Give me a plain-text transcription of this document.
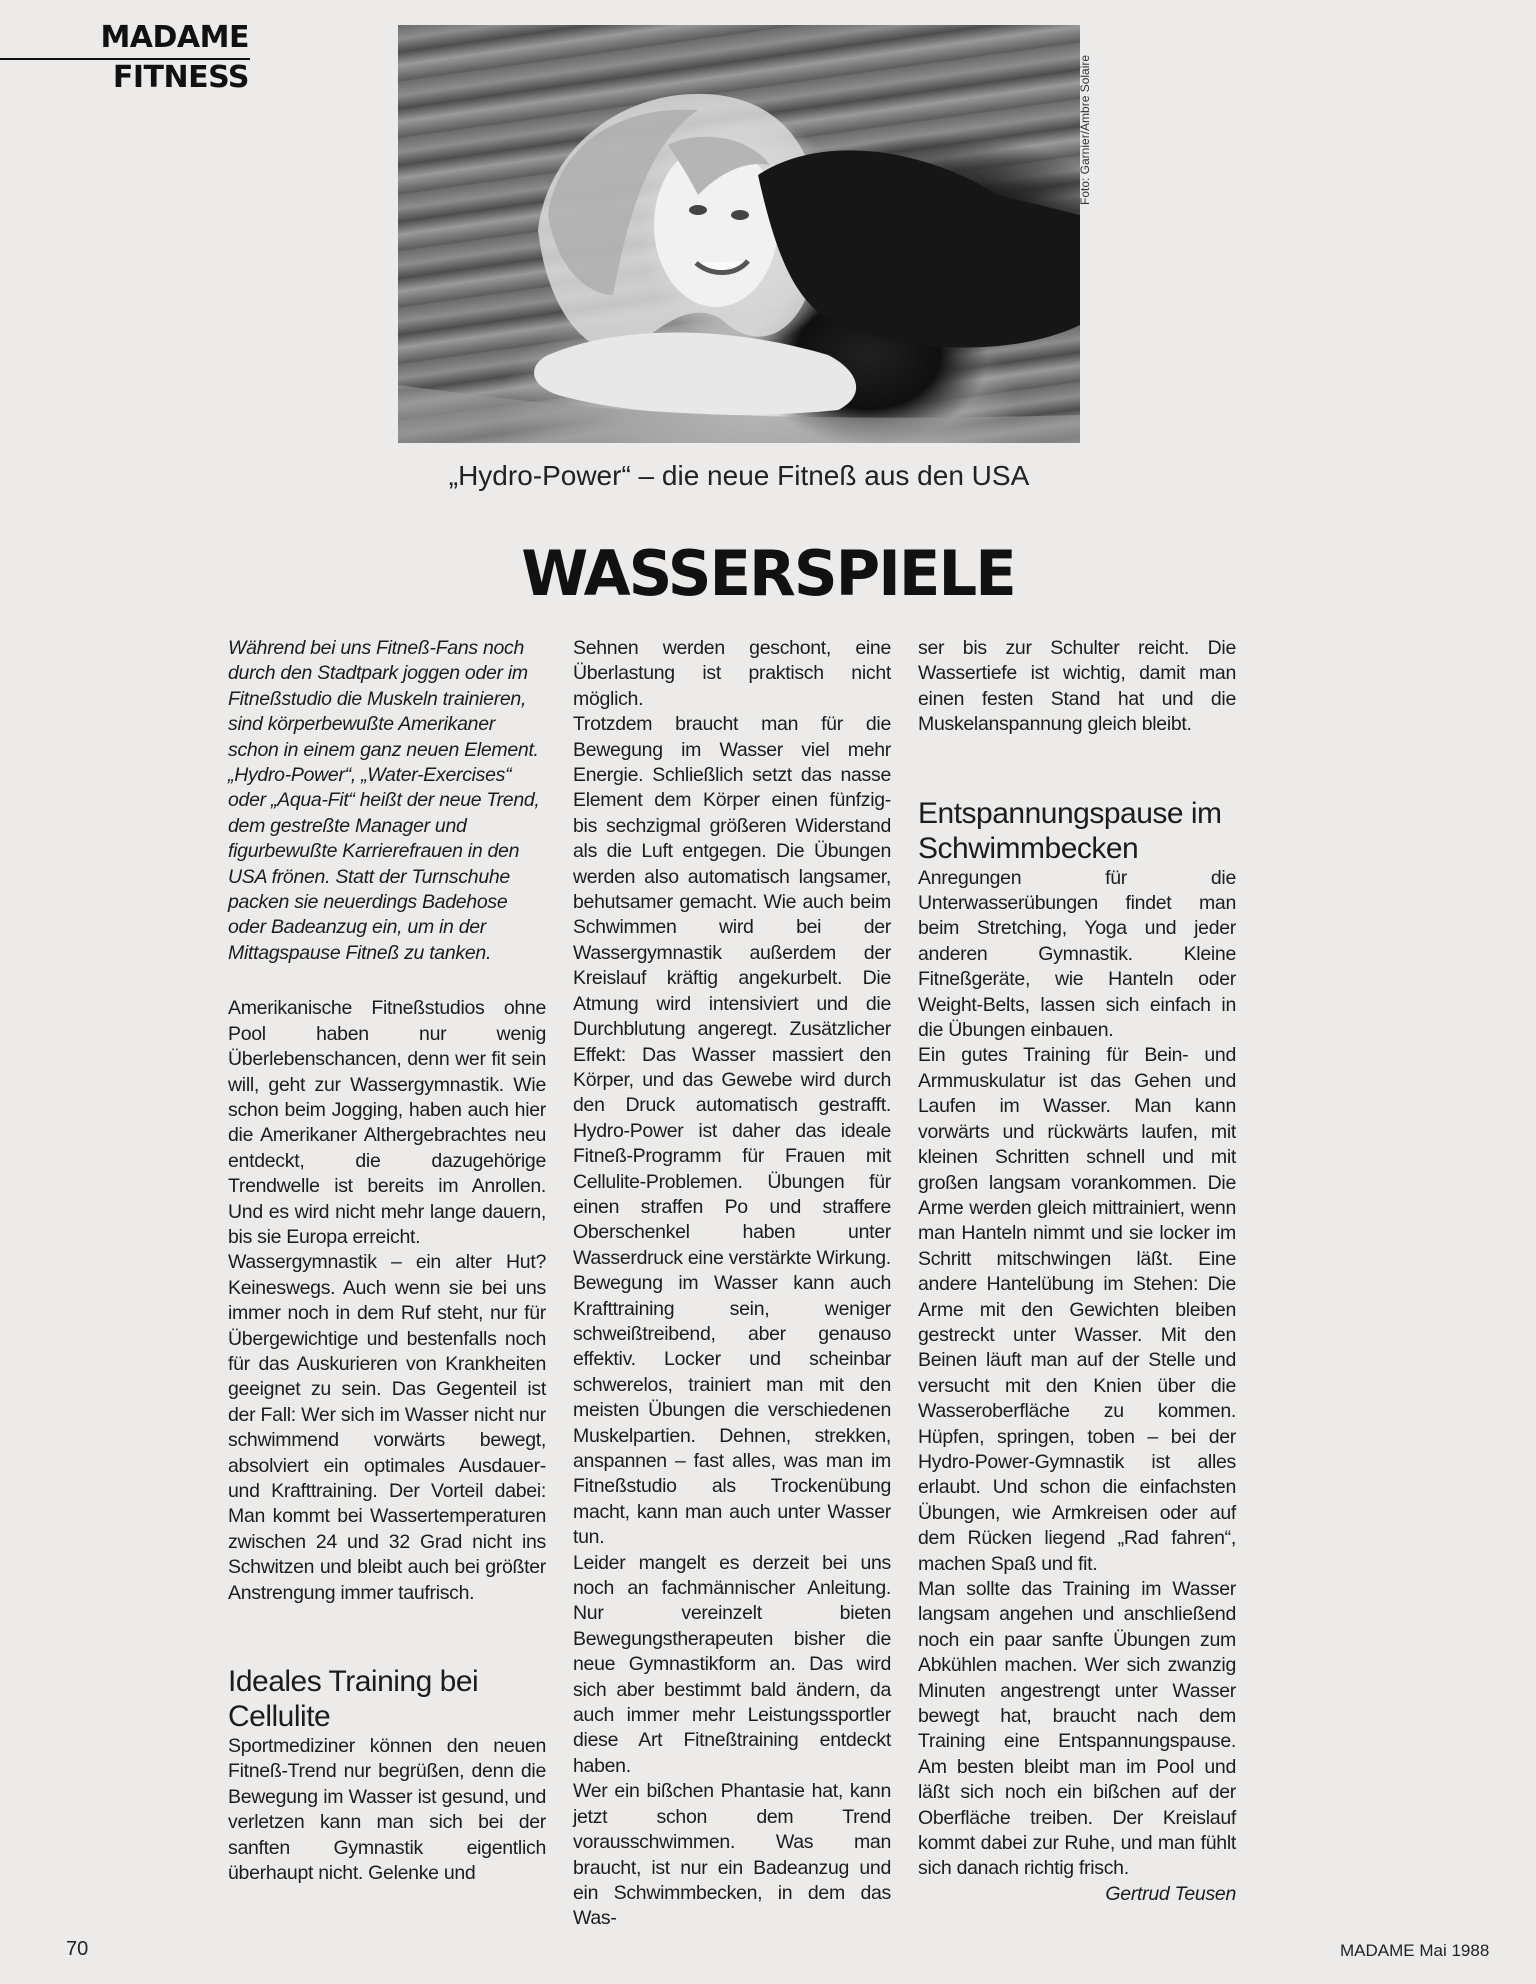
MADAME
FITNESS	Foto: Garnier/Ambre Solaire
„Hydro-Power“ – die neue Fitneß aus den USA
WASSERSPIELE

Während bei uns Fitneß-Fans noch durch den Stadtpark joggen oder im Fitneßstudio die Muskeln trainieren, sind körperbewußte Amerikaner schon in einem ganz neuen Element. „Hydro-Power“, „Water-Exercises“ oder „Aqua-Fit“ heißt der neue Trend, dem gestreßte Manager und figurbewußte Karrierefrauen in den USA frönen. Statt der Turnschuhe packen sie neuerdings Badehose oder Badeanzug ein, um in der Mittagspause Fitneß zu tanken.

Amerikanische Fitneßstudios ohne Pool haben nur wenig Überlebenschancen, denn wer fit sein will, geht zur Wassergymnastik. Wie schon beim Jogging, haben auch hier die Amerikaner Althergebrachtes neu entdeckt, die dazugehörige Trendwelle ist bereits im Anrollen. Und es wird nicht mehr lange dauern, bis sie Europa erreicht.

Wassergymnastik – ein alter Hut? Keineswegs. Auch wenn sie bei uns immer noch in dem Ruf steht, nur für Übergewichtige und bestenfalls noch für das Auskurieren von Krankheiten geeignet zu sein. Das Gegenteil ist der Fall: Wer sich im Wasser nicht nur schwimmend vorwärts bewegt, absolviert ein optimales Ausdauer- und Krafttraining. Der Vorteil dabei: Man kommt bei Wassertemperaturen zwischen 24 und 32 Grad nicht ins Schwitzen und bleibt auch bei größter Anstrengung immer taufrisch.

Ideales Training bei Cellulite

Sportmediziner können den neuen Fitneß-Trend nur begrüßen, denn die Bewegung im Wasser ist gesund, und verletzen kann man sich bei der sanften Gymnastik eigentlich überhaupt nicht. Gelenke und

Sehnen werden geschont, eine Überlastung ist praktisch nicht möglich.

Trotzdem braucht man für die Bewegung im Wasser viel mehr Energie. Schließlich setzt das nasse Element dem Körper einen fünfzig- bis sechzigmal größeren Widerstand als die Luft entgegen. Die Übungen werden also automatisch langsamer, behutsamer gemacht. Wie auch beim Schwimmen wird bei der Wassergymnastik außerdem der Kreislauf kräftig angekurbelt. Die Atmung wird intensiviert und die Durchblutung angeregt. Zusätzlicher Effekt: Das Wasser massiert den Körper, und das Gewebe wird durch den Druck automatisch gestrafft. Hydro-Power ist daher das ideale Fitneß-Programm für Frauen mit Cellulite-Problemen. Übungen für einen straffen Po und straffere Oberschenkel haben unter Wasserdruck eine verstärkte Wirkung.

Bewegung im Wasser kann auch Krafttraining sein, weniger schweißtreibend, aber genauso effektiv. Locker und scheinbar schwerelos, trainiert man mit den meisten Übungen die verschiedenen Muskelpartien. Dehnen, strekken, anspannen – fast alles, was man im Fitneßstudio als Trockenübung macht, kann man auch unter Wasser tun.

Leider mangelt es derzeit bei uns noch an fachmännischer Anleitung. Nur vereinzelt bieten Bewegungstherapeuten bisher die neue Gymnastikform an. Das wird sich aber bestimmt bald ändern, da auch immer mehr Leistungssportler diese Art Fitneßtraining entdeckt haben.

Wer ein bißchen Phantasie hat, kann jetzt schon dem Trend vorausschwimmen. Was man braucht, ist nur ein Badeanzug und ein Schwimmbecken, in dem das Was-

ser bis zur Schulter reicht. Die Wassertiefe ist wichtig, damit man einen festen Stand hat und die Muskelanspannung gleich bleibt.

Entspannungspause im Schwimmbecken

Anregungen für die Unterwasserübungen findet man beim Stretching, Yoga und jeder anderen Gymnastik. Kleine Fitneßgeräte, wie Hanteln oder Weight-Belts, lassen sich einfach in die Übungen einbauen.

Ein gutes Training für Bein- und Armmuskulatur ist das Gehen und Laufen im Wasser. Man kann vorwärts und rückwärts laufen, mit kleinen Schritten schnell und mit großen langsam vorankommen. Die Arme werden gleich mittrainiert, wenn man Hanteln nimmt und sie locker im Schritt mitschwingen läßt. Eine andere Hantelübung im Stehen: Die Arme mit den Gewichten bleiben gestreckt unter Wasser. Mit den Beinen läuft man auf der Stelle und versucht mit den Knien über die Wasseroberfläche zu kommen. Hüpfen, springen, toben – bei der Hydro-Power-Gymnastik ist alles erlaubt. Und schon die einfachsten Übungen, wie Armkreisen oder auf dem Rücken liegend „Rad fahren“, machen Spaß und fit.

Man sollte das Training im Wasser langsam angehen und anschließend noch ein paar sanfte Übungen zum Abkühlen machen. Wer sich zwanzig Minuten angestrengt unter Wasser bewegt hat, braucht nach dem Training eine Entspannungspause. Am besten bleibt man im Pool und läßt sich noch ein bißchen auf der Oberfläche treiben. Der Kreislauf kommt dabei zur Ruhe, und man fühlt sich danach richtig frisch.
Gertrud Teusen

70	MADAME Mai 1988
